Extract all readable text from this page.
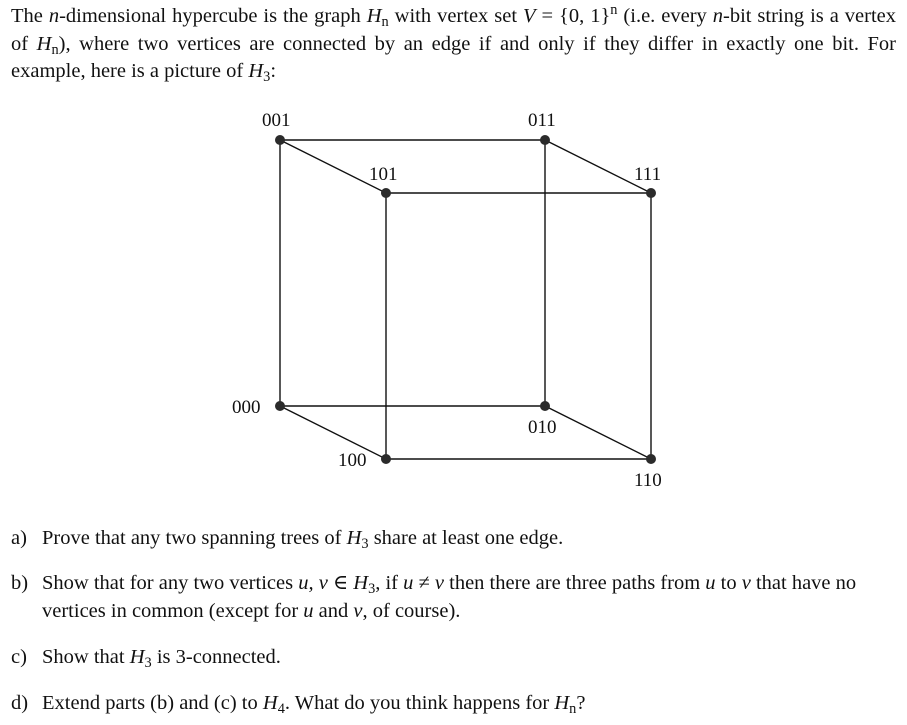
The n-dimensional hypercube is the graph $H_n$ with vertex set V = {0, 1}$^n$ (i.e. every n-bit string is a vertex of $H_n$), where two vertices are connected by an edge if and only if they differ in exactly one bit. For example, here is a picture of $H_3$:
001	011
101	111
000
010
100
110
a) Prove that any two spanning trees of $H_3$ share at least one edge.
b) Show that for any two vertices u, v ∈ $H_3$, if u ≠ v then there are three paths from u to v that have no vertices in common (except for u and v, of course).
c) Show that $H_3$ is 3-connected.
d) Extend parts (b) and (c) to $H_4$. What do you think happens for $H_n$?
